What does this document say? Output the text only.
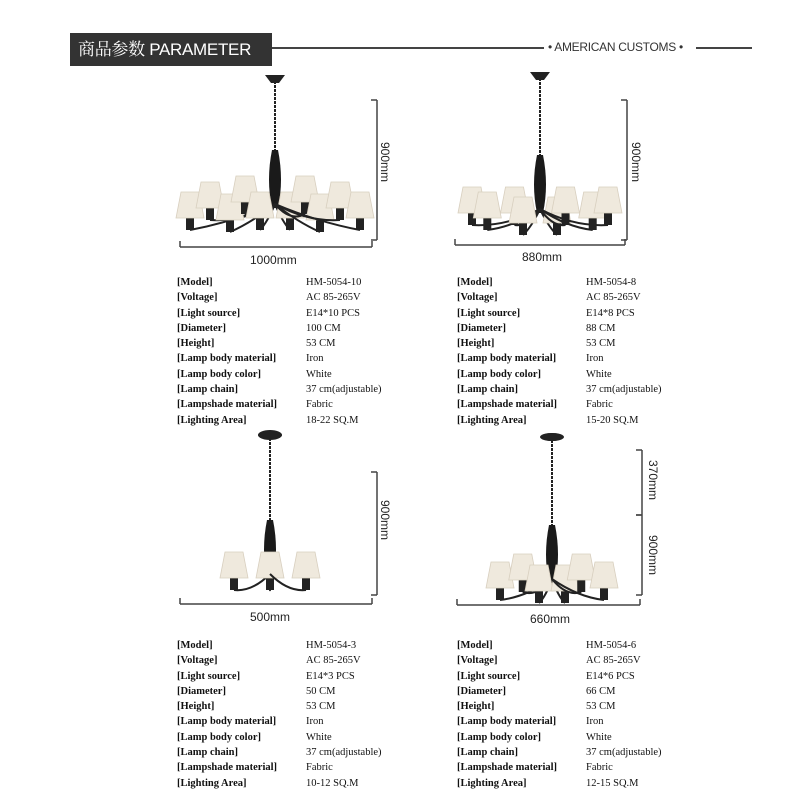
商品参数 PARAMETER	• AMERICAN CUSTOMS •
1000mm
900mm
880mm
900mm
500mm
900mm
660mm
370mm
900mm
[Model]	HM-5054-10
[Voltage]	AC 85-265V
[Light source]	E14*10 PCS
[Diameter]	100 CM
[Height]	53 CM
[Lamp body material]	Iron
[Lamp body color]	White
[Lamp chain]	37 cm(adjustable)
[Lampshade material]	Fabric
[Lighting Area]	18-22 SQ.M
[Model]	HM-5054-8
[Voltage]	AC 85-265V
[Light source]	E14*8 PCS
[Diameter]	88 CM
[Height]	53 CM
[Lamp body material]	Iron
[Lamp body color]	White
[Lamp chain]	37 cm(adjustable)
[Lampshade material]	Fabric
[Lighting Area]	15-20 SQ.M
[Model]	HM-5054-3
[Voltage]	AC 85-265V
[Light source]	E14*3 PCS
[Diameter]	50 CM
[Height]	53 CM
[Lamp body material]	Iron
[Lamp body color]	White
[Lamp chain]	37 cm(adjustable)
[Lampshade material]	Fabric
[Lighting Area]	10-12 SQ.M
[Model]	HM-5054-6
[Voltage]	AC 85-265V
[Light source]	E14*6 PCS
[Diameter]	66 CM
[Height]	53 CM
[Lamp body material]	Iron
[Lamp body color]	White
[Lamp chain]	37 cm(adjustable)
[Lampshade material]	Fabric
[Lighting Area]	12-15 SQ.M
